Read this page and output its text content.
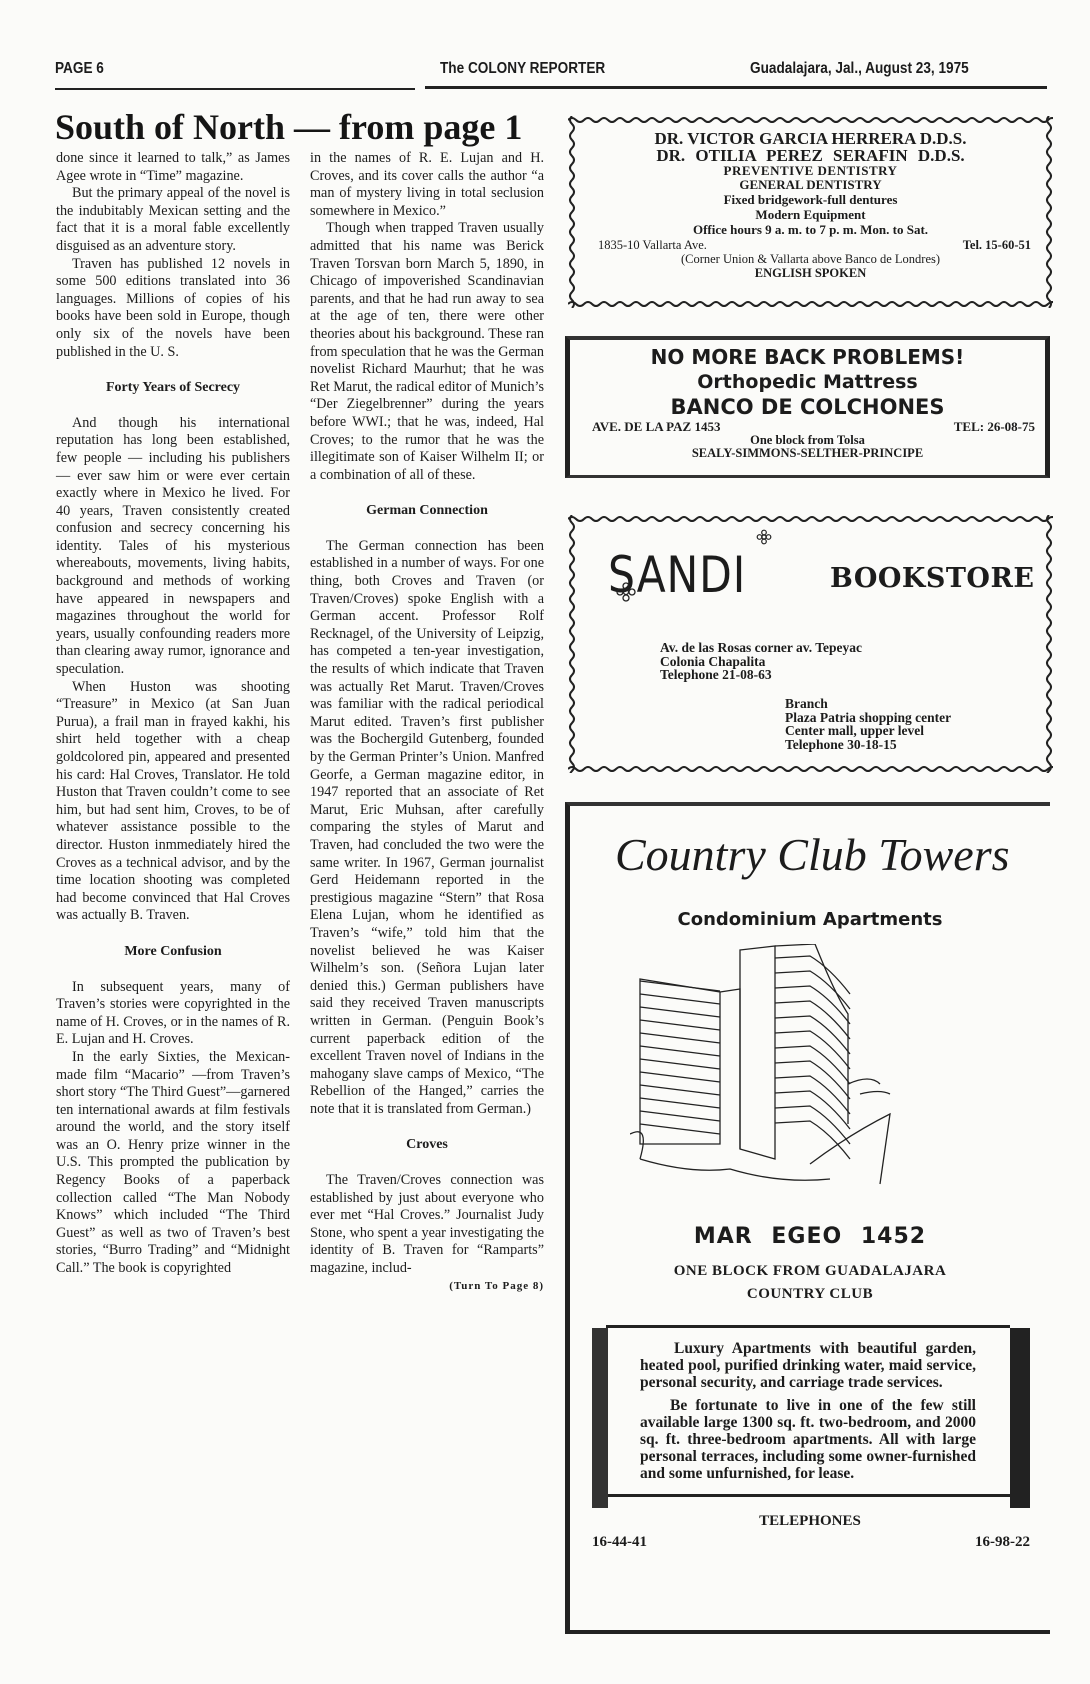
PAGE 6	The COLONY REPORTER	Guadalajara, Jal., August 23, 1975
South of North — from page 1

done since it learned to talk,” as James Agee wrote in “Time” magazine.

But the primary appeal of the novel is the indubitably Mexican setting and the fact that it is a moral fable excellently disguised as an adventure story.

Traven has published 12 novels in some 500 editions translated into 36 languages. Millions of copies of his books have been sold in Europe, though only six of the novels have been published in the U. S.

Forty Years of Secrecy

And though his international reputation has long been established, few people — including his publishers — ever saw him or were ever certain exactly where in Mexico he lived. For 40 years, Traven consistently created confusion and secrecy concerning his identity. Tales of his mysterious whereabouts, movements, living habits, background and methods of working have appeared in newspapers and magazines throughout the world for years, usually confounding readers more than clearing away rumor, ignorance and speculation.

When Huston was shooting “Treasure” in Mexico (at San Juan Purua), a frail man in frayed kakhi, his shirt held together with a cheap goldcolored pin, appeared and presented his card: Hal Croves, Translator. He told Huston that Traven couldn’t come to see him, but had sent him, Croves, to be of whatever assistance possible to the director. Huston inmmediately hired the Croves as a technical advisor, and by the time location shooting was completed had become convinced that Hal Croves was actually B. Traven.

More Confusion

In subsequent years, many of Traven’s stories were copyrighted in the name of H. Croves, or in the names of R. E. Lujan and H. Croves.

In the early Sixties, the Mexican-made film “Macario” —from Traven’s short story “The Third Guest”—garnered ten international awards at film festivals around the world, and the story itself was an O. Henry prize winner in the U.S. This prompted the publication by Regency Books of a paperback collection called “The Man Nobody Knows” which included “The Third Guest” as well as two of Traven’s best stories, “Burro Trading” and “Midnight Call.” The book is copyrighted

in the names of R. E. Lujan and H. Croves, and its cover calls the author “a man of mystery living in total seclusion somewhere in Mexico.”

Though when trapped Traven usually admitted that his name was Berick Traven Torsvan born March 5, 1890, in Chicago of impoverished Scandinavian parents, and that he had run away to sea at the age of ten, there were other theories about his background. These ran from speculation that he was the German novelist Richard Maurhut; that he was Ret Marut, the radical editor of Munich’s “Der Ziegelbrenner” during the years before WWI.; that he was, indeed, Hal Croves; to the rumor that he was the illegitimate son of Kaiser Wilhelm II; or a combination of all of these.

German Connection

The German connection has been established in a number of ways. For one thing, both Croves and Traven (or Traven/Croves) spoke English with a German accent. Professor Rolf Recknagel, of the University of Leipzig, has competed a ten-year investigation, the results of which indicate that Traven was actually Ret Marut. Traven/Croves was familiar with the radical periodical Marut edited. Traven’s first publisher was the Bochergild Gutenberg, founded by the German Printer’s Union. Manfred Georfe, a German magazine editor, in 1947 reported that an associate of Ret Marut, Eric Muhsan, after carefully comparing the styles of Marut and Traven, had concluded the two were the same writer. In 1967, German journalist Gerd Heidemann reported in the prestigious magazine “Stern” that Rosa Elena Lujan, whom he identified as Traven’s “wife,” told him that the novelist believed he was Kaiser Wilhelm’s son. (Señora Lujan later denied this.) German publishers have said they received Traven manuscripts written in German. (Penguin Book’s current paperback edition of the excellent Traven novel of Indians in the mahogany slave camps of Mexico, “The Rebellion of the Hanged,” carries the note that it is translated from German.)

Croves

The Traven/Croves connection was established by just about everyone who ever met “Hal Croves.” Journalist Judy Stone, who spent a year investigating the identity of B. Traven for “Ramparts” magazine, includ-

(Turn To Page 8)
DR. VICTOR GARCIA HERRERA D.D.S.
DR. OTILIA PEREZ SERAFIN D.D.S.
PREVENTIVE DENTISTRY
GENERAL DENTISTRY
Fixed bridgework-full dentures
Modern Equipment
Office hours 9 a. m. to 7 p. m. Mon. to Sat.
1835-10 Vallarta Ave.	Tel. 15-60-51
(Corner Union & Vallarta above Banco de Londres)
ENGLISH SPOKEN
NO MORE BACK PROBLEMS!
Orthopedic Mattress
BANCO DE COLCHONES
AVE. DE LA PAZ 1453	TEL: 26-08-75
One block from Tolsa
SEALY-SIMMONS-SELTHER-PRINCIPE
SANDI	BOOKSTORE
Av. de las Rosas corner av. Tepeyac
Colonia Chapalita
Telephone 21-08-63
Branch
Plaza Patria shopping center
Center mall, upper level
Telephone 30-18-15
Country Club Towers
Condominium Apartments
MAR EGEO 1452
ONE BLOCK FROM GUADALAJARA
COUNTRY CLUB

Luxury Apartments with beautiful garden, heated pool, purified drinking water, maid service, personal security, and carriage trade services.

Be fortunate to live in one of the few still available large 1300 sq. ft. two-bedroom, and 2000 sq. ft. three-bedroom apartments. All with large personal terraces, including some owner-furnished and some unfurnished, for lease.

TELEPHONES
16-44-41	16-98-22
